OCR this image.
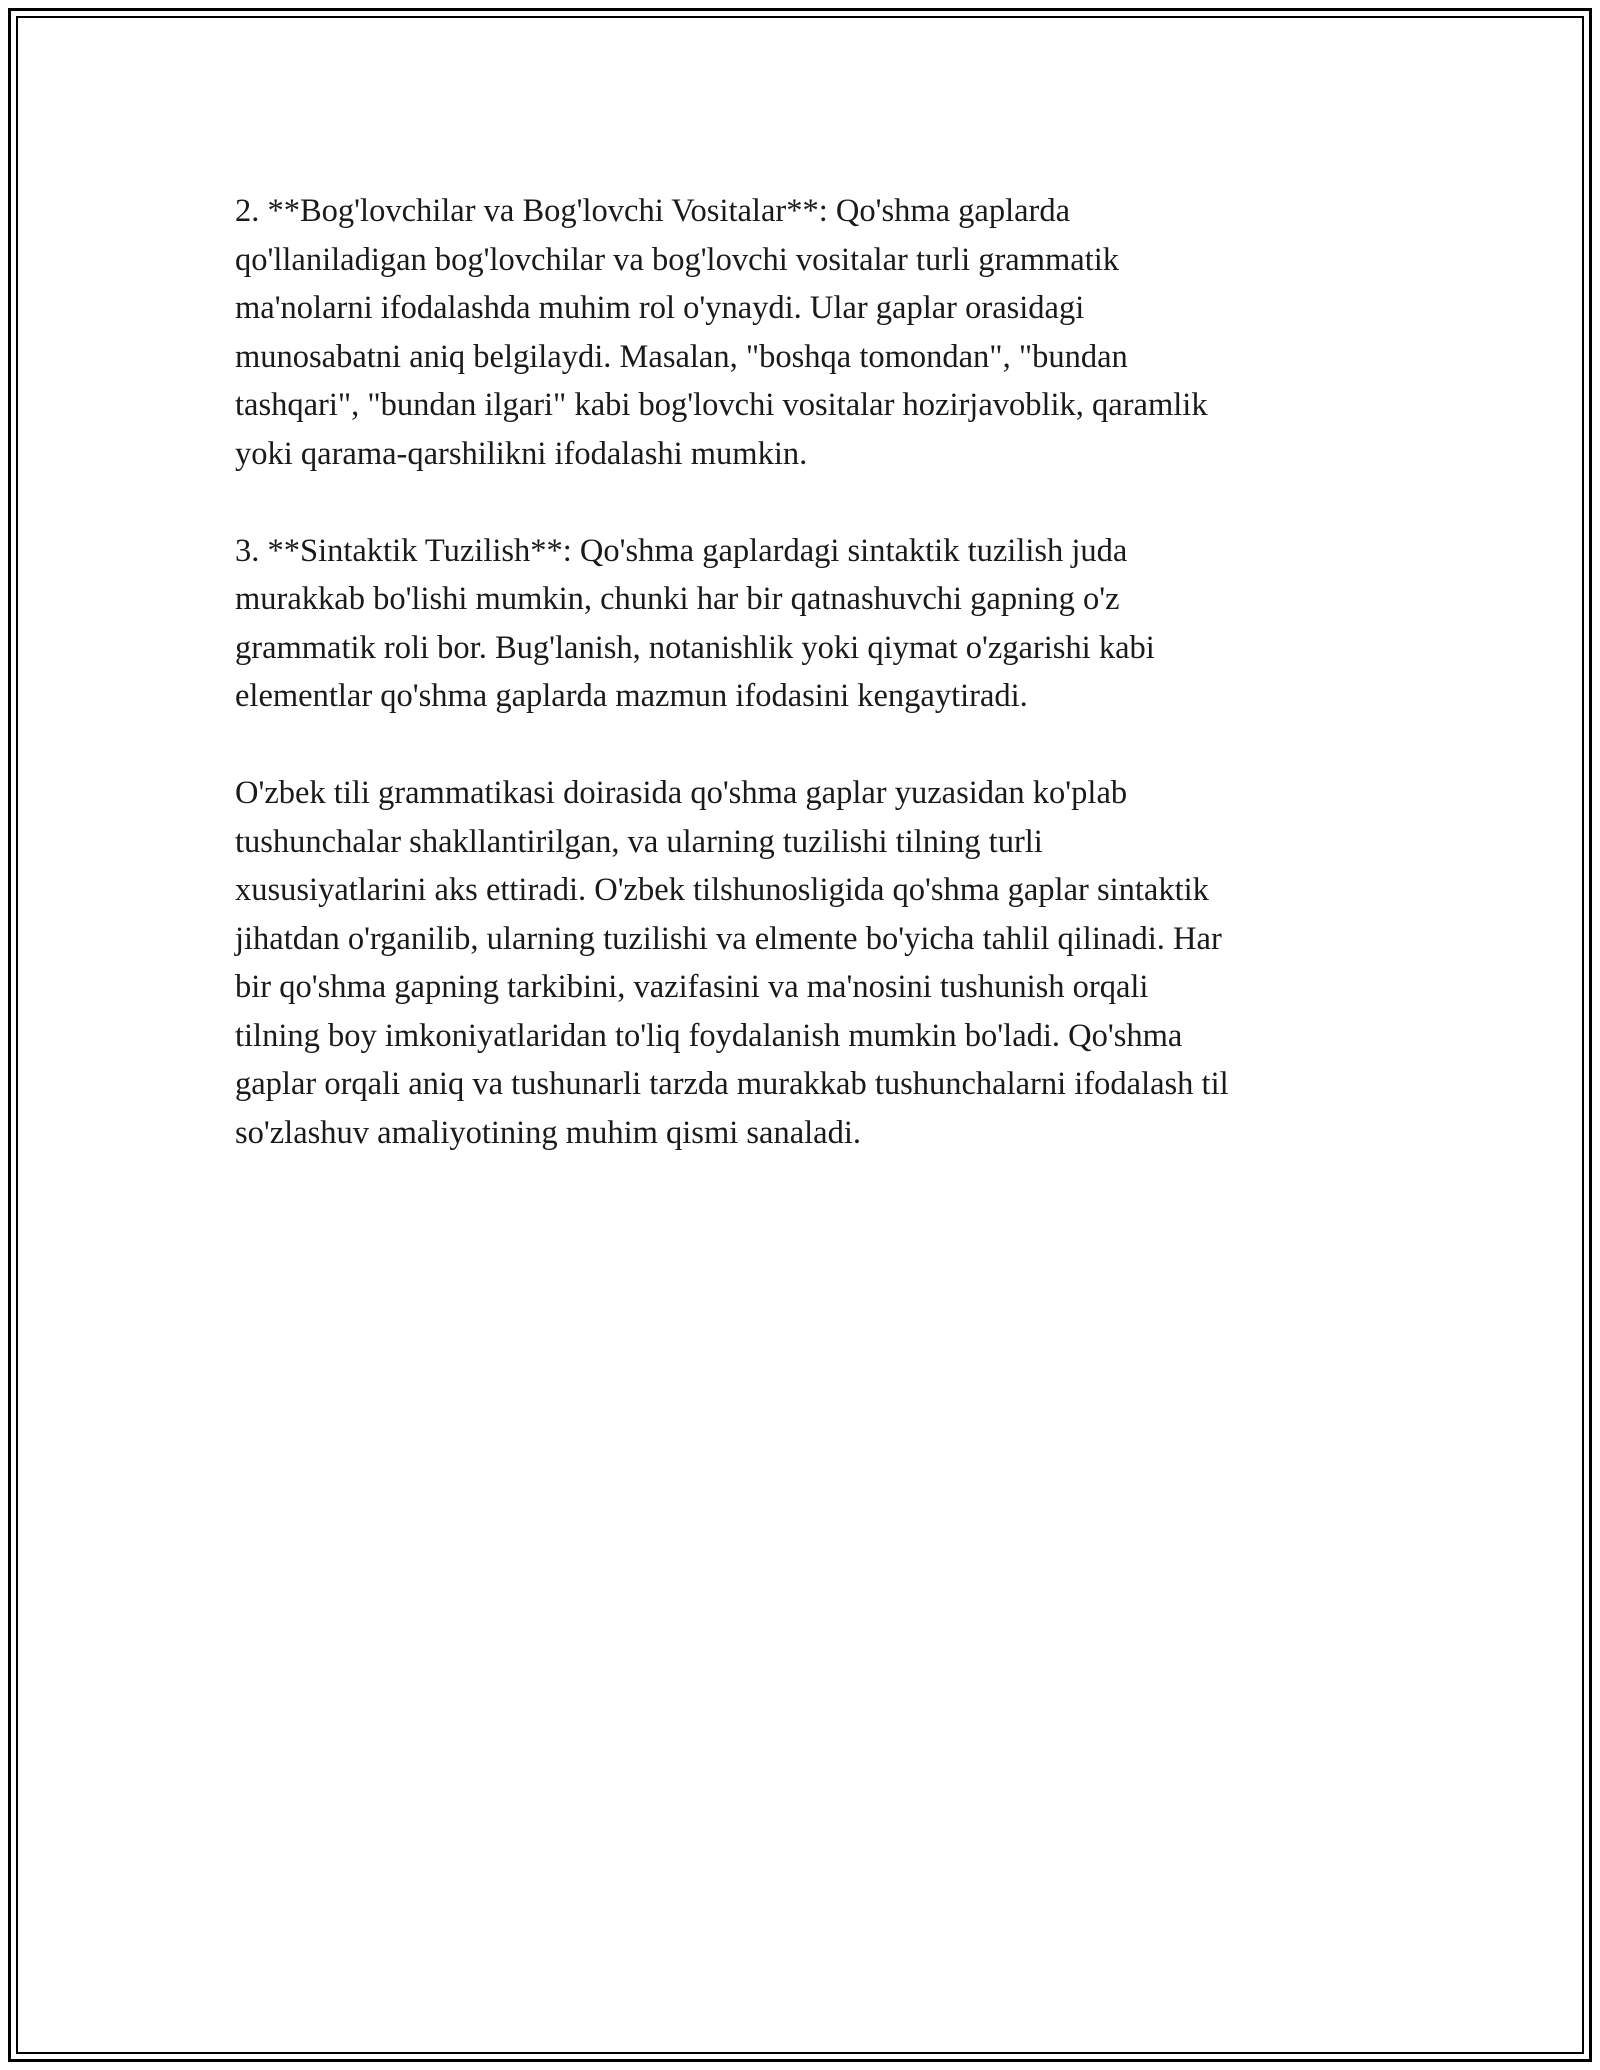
2. **Bog'lovchilar va Bog'lovchi Vositalar**: Qo'shma gaplarda
qo'llaniladigan bog'lovchilar va bog'lovchi vositalar turli grammatik
ma'nolarni ifodalashda muhim rol o'ynaydi. Ular gaplar orasidagi
munosabatni aniq belgilaydi. Masalan, "boshqa tomondan", "bundan
tashqari", "bundan ilgari" kabi bog'lovchi vositalar hozirjavoblik, qaramlik
yoki qarama-qarshilikni ifodalashi mumkin.

3. **Sintaktik Tuzilish**: Qo'shma gaplardagi sintaktik tuzilish juda
murakkab bo'lishi mumkin, chunki har bir qatnashuvchi gapning o'z
grammatik roli bor. Bug'lanish, notanishlik yoki qiymat o'zgarishi kabi
elementlar qo'shma gaplarda mazmun ifodasini kengaytiradi.

O'zbek tili grammatikasi doirasida qo'shma gaplar yuzasidan ko'plab
tushunchalar shakllantirilgan, va ularning tuzilishi tilning turli
xususiyatlarini aks ettiradi. O'zbek tilshunosligida qo'shma gaplar sintaktik
jihatdan o'rganilib, ularning tuzilishi va elmente bo'yicha tahlil qilinadi. Har
bir qo'shma gapning tarkibini, vazifasini va ma'nosini tushunish orqali
tilning boy imkoniyatlaridan to'liq foydalanish mumkin bo'ladi. Qo'shma
gaplar orqali aniq va tushunarli tarzda murakkab tushunchalarni ifodalash til
so'zlashuv amaliyotining muhim qismi sanaladi.
